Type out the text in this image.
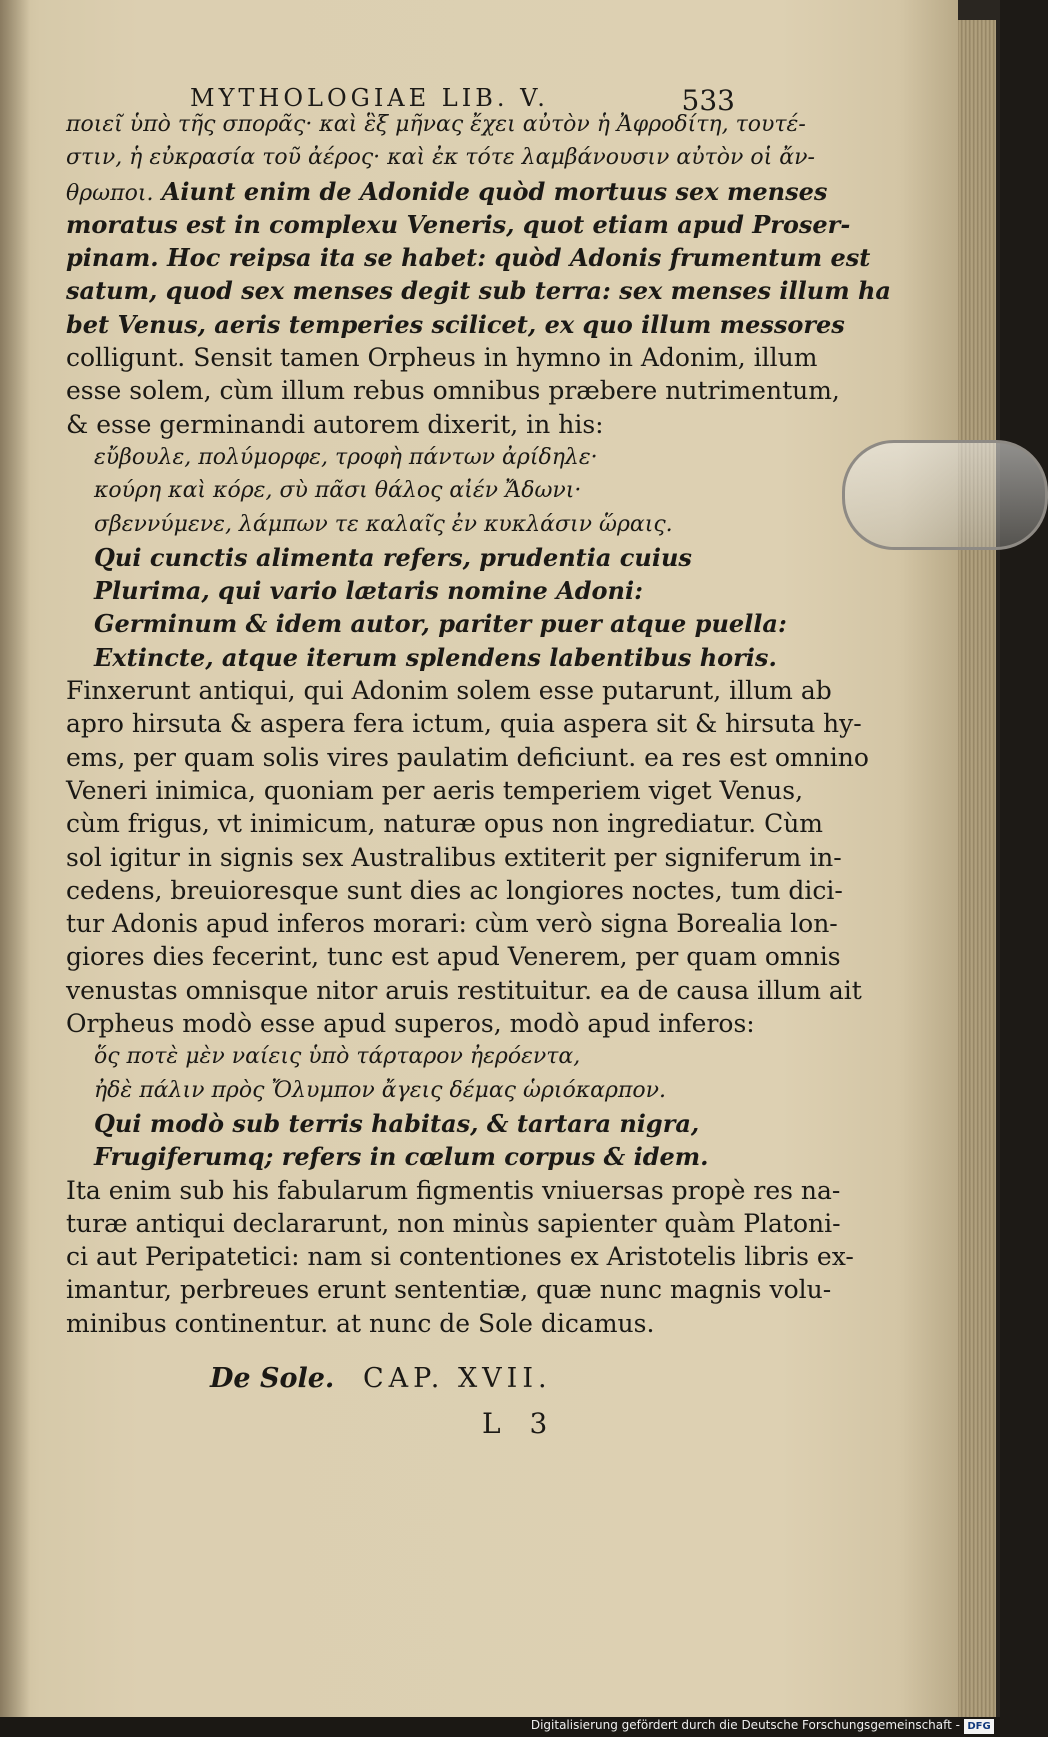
MYTHOLOGIAE LIB. V.	533
ποιεῖ ὑπὸ τῆς σπορᾶς· καὶ ἓξ μῆνας ἔχει αὐτὸν ἡ Ἀφροδίτη, τουτέ-
στιν, ἡ εὐκρασία τοῦ ἀέρος· καὶ ἐκ τότε λαμβάνουσιν αὐτὸν οἱ ἄν-
θρωποι. Aiunt enim de Adonide quòd mortuus sex menses
moratus est in complexu Veneris, quot etiam apud Proser-
pinam. Hoc reipsa ita se habet: quòd Adonis frumentum est
satum, quod sex menses degit sub terra: sex menses illum ha
bet Venus, aeris temperies scilicet, ex quo illum messores
colligunt. Sensit tamen Orpheus in hymno in Adonim, illum
esse solem, cùm illum rebus omnibus præbere nutrimentum,
& esse germinandi autorem dixerit, in his:
εὔβουλε, πολύμορφε, τροφὴ πάντων ἀρίδηλε·
κούρη καὶ κόρε, σὺ πᾶσι θάλος αἰέν Ἄδωνι·
σβεννύμενε, λάμπων τε καλαῖς ἐν κυκλάσιν ὥραις.
Qui cunctis alimenta refers, prudentia cuius
Plurima, qui vario lætaris nomine Adoni:
Germinum & idem autor, pariter puer atque puella:
Extincte, atque iterum splendens labentibus horis.
Finxerunt antiqui, qui Adonim solem esse putarunt, illum ab
apro hirsuta & aspera fera ictum, quia aspera sit & hirsuta hy-
ems, per quam solis vires paulatim deficiunt. ea res est omnino
Veneri inimica, quoniam per aeris temperiem viget Venus,
cùm frigus, vt inimicum, naturæ opus non ingrediatur. Cùm
sol igitur in signis sex Australibus extiterit per signiferum in-
cedens, breuioresque sunt dies ac longiores noctes, tum dici-
tur Adonis apud inferos morari: cùm verò signa Borealia lon-
giores dies fecerint, tunc est apud Venerem, per quam omnis
venustas omnisque nitor aruis restituitur. ea de causa illum ait
Orpheus modò esse apud superos, modò apud inferos:
ὅς ποτὲ μὲν ναίεις ὑπὸ τάρταρον ἠερόεντα,
ἠδὲ πάλιν πρὸς Ὄλυμπον ἄγεις δέμας ὡριόκαρπον.
Qui modò sub terris habitas, & tartara nigra,
Frugiferumq; refers in cœlum corpus & idem.
Ita enim sub his fabularum figmentis vniuersas propè res na-
turæ antiqui declararunt, non minùs sapienter quàm Platoni-
ci aut Peripatetici: nam si contentiones ex Aristotelis libris ex-
imantur, perbreues erunt sententiæ, quæ nunc magnis volu-
minibus continentur. at nunc de Sole dicamus.
De Sole. CAP. XVII.
L 3
Digitalisierung gefördert durch die Deutsche Forschungsgemeinschaft - DFG
